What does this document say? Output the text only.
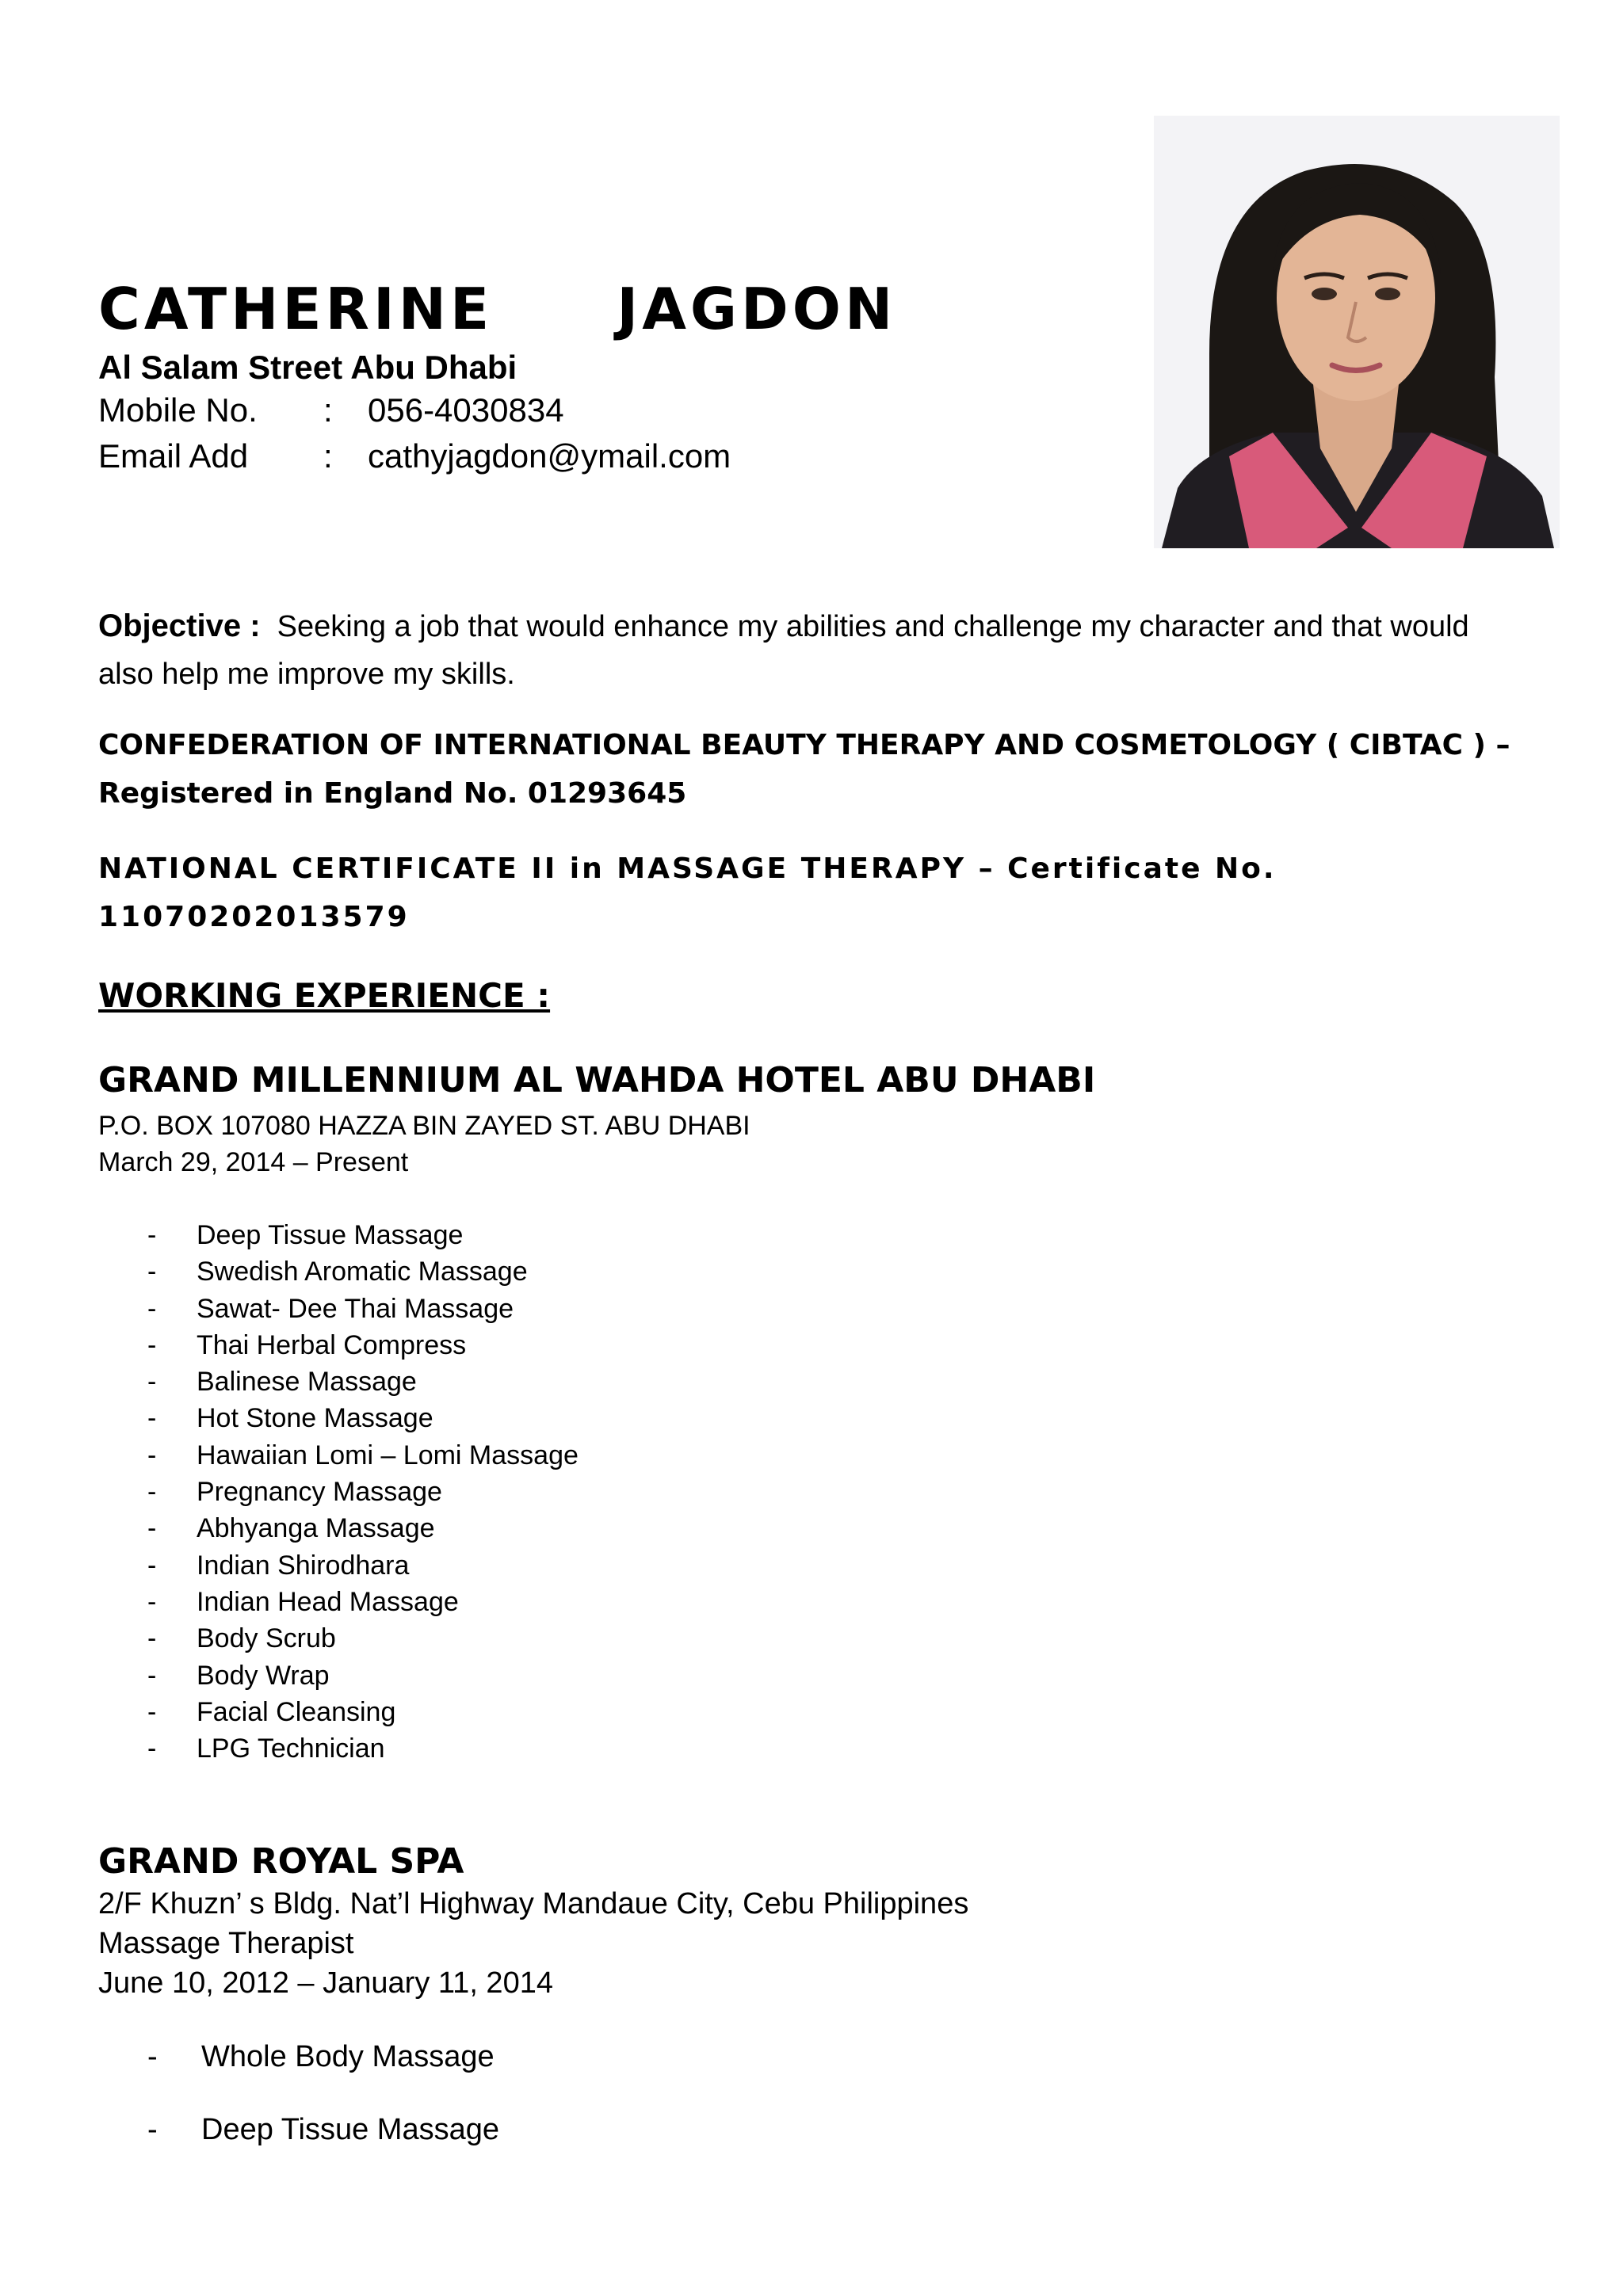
CATHERINE   JAGDON
Al Salam Street Abu Dhabi
Mobile No. : 056-4030834
Email Add : cathyjagdon@ymail.com

Objective : Seeking a job that would enhance my abilities and challenge my character and that would also help me improve my skills.

CONFEDERATION OF INTERNATIONAL BEAUTY THERAPY AND COSMETOLOGY ( CIBTAC ) – Registered in England No. 01293645

NATIONAL CERTIFICATE II in MASSAGE THERAPY – Certificate No. 11070202013579

WORKING EXPERIENCE :
GRAND MILLENNIUM AL WAHDA HOTEL ABU DHABI
P.O. BOX 107080 HAZZA BIN ZAYED ST. ABU DHABI
March 29, 2014 – Present
- Deep Tissue Massage
- Swedish Aromatic Massage
- Sawat- Dee Thai Massage
- Thai Herbal Compress
- Balinese Massage
- Hot Stone Massage
- Hawaiian Lomi – Lomi Massage
- Pregnancy Massage
- Abhyanga Massage
- Indian Shirodhara
- Indian Head Massage
- Body Scrub
- Body Wrap
- Facial Cleansing
- LPG Technician
GRAND ROYAL SPA
2/F Khuzn’ s Bldg. Nat’l Highway Mandaue City, Cebu Philippines
Massage Therapist
June 10, 2012 – January 11, 2014
- Whole Body Massage
- Deep Tissue Massage
